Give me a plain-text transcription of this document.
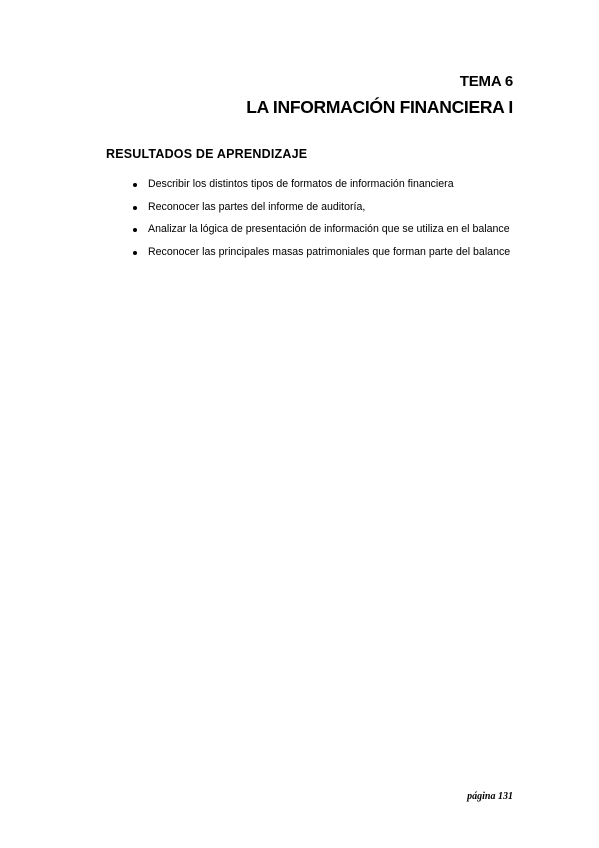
TEMA 6
LA INFORMACIÓN FINANCIERA I
RESULTADOS DE APRENDIZAJE
Describir los distintos tipos de formatos de información financiera
Reconocer las partes del informe de auditoría,
Analizar la lógica de presentación de información que se utiliza en el balance
Reconocer las principales masas patrimoniales que forman parte del balance
página 131
